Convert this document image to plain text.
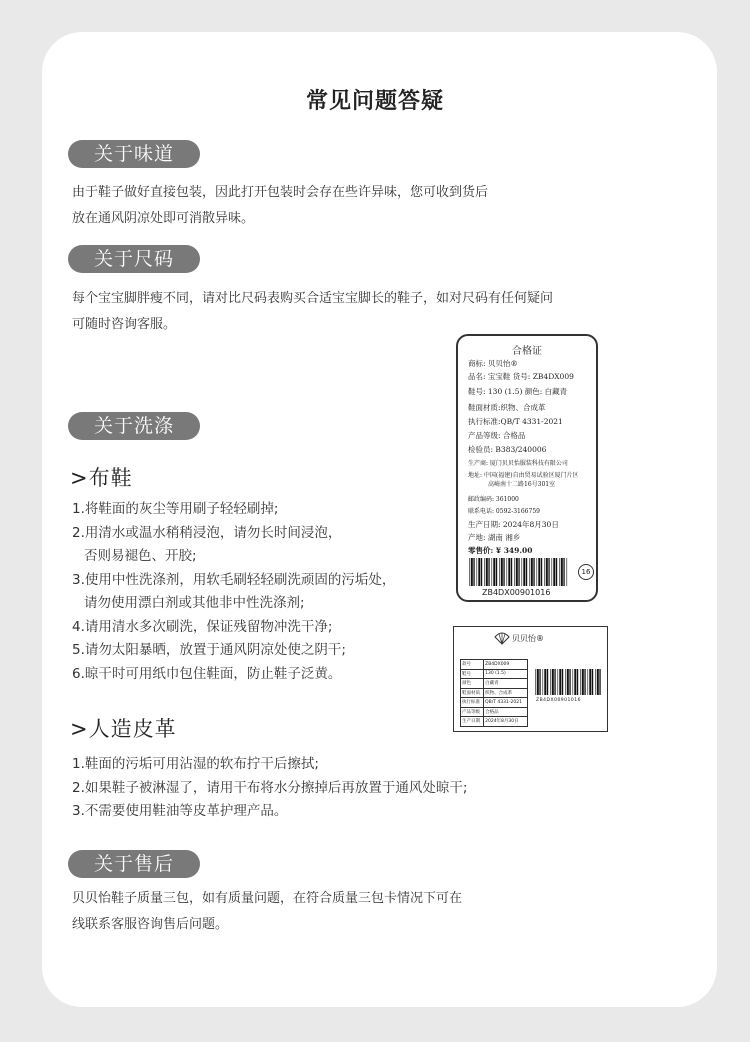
常见问题答疑
关于味道
由于鞋子做好直接包装，因此打开包装时会存在些许异味，您可收到货后
放在通风阴凉处即可消散异味。
关于尺码
每个宝宝脚胖瘦不同，请对比尺码表购买合适宝宝脚长的鞋子，如对尺码有任何疑问
可随时咨询客服。
关于洗涤
>布鞋
1.将鞋面的灰尘等用刷子轻轻刷掉;
2.用清水或温水稍稍浸泡，请勿长时间浸泡，
否则易褪色、开胶;
3.使用中性洗涤剂，用软毛刷轻轻刷洗顽固的污垢处，
请勿使用漂白剂或其他非中性洗涤剂;
4.请用清水多次刷洗，保证残留物冲洗干净;
5.请勿太阳暴晒，放置于通风阴凉处使之阴干;
6.晾干时可用纸巾包住鞋面，防止鞋子泛黄。
>人造皮革
1.鞋面的污垢可用沾湿的软布拧干后擦拭;
2.如果鞋子被淋湿了，请用干布将水分擦掉后再放置于通风处晾干;
3.不需要使用鞋油等皮革护理产品。
关于售后
贝贝怡鞋子质量三包，如有质量问题，在符合质量三包卡情况下可在
线联系客服咨询售后问题。
合格证
商标: 贝贝怡®
品名: 宝宝鞋 货号: ZB4DX009
鞋号: 130 (1.5) 颜色: 白藏青
鞋面材质:织物、合成革
执行标准:QB/T 4331-2021
产品等级: 合格品
检验员: B383/240006
生产商: 厦门贝贝怡服装科技有限公司
地址: 中国(福建)自由贸易试验区厦门片区
高崎南十二路16号301室
邮政编码: 361000
联系电话: 0592-3166759
生产日期: 2024年8月30日
产地: 湖南 湘乡
零售价: ¥ 349.00
ZB4DX00901016
16
贝贝怡®
款号	ZB4DX009
鞋号	130 (1.5)
颜色	白藏青
鞋面材质	织物、合成革
执行标准	QB/T 4331-2021
产品等级	合格品
生产日期	2024年8月30日
ZB4DX00901016
